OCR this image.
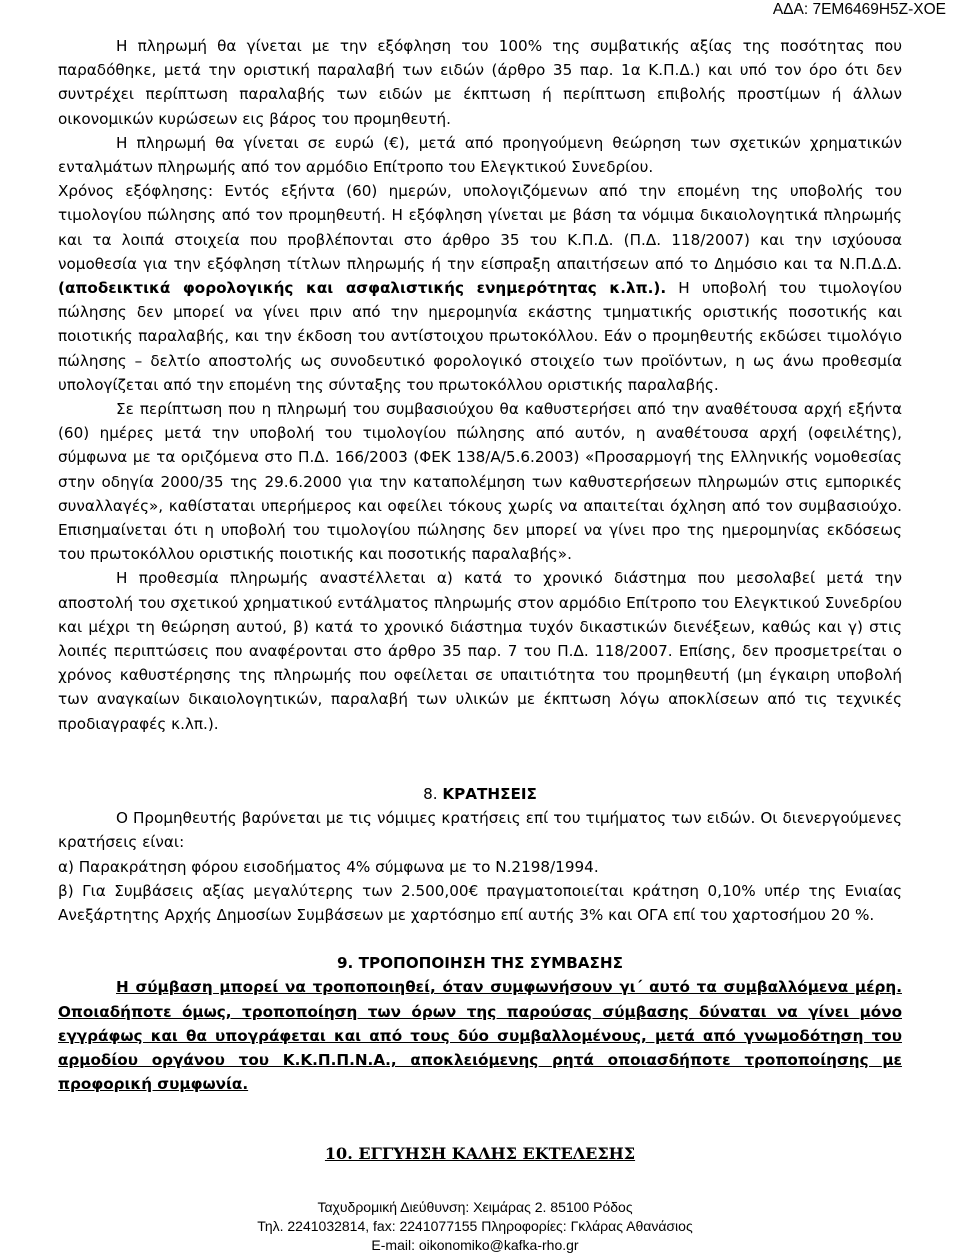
ΑΔΑ: 7ΕΜ6469Η5Ζ-ΧΟΕ

Η πληρωμή θα γίνεται με την εξόφληση του 100% της συμβατικής αξίας της ποσότητας που παραδόθηκε, μετά την οριστική παραλαβή των ειδών (άρθρο 35 παρ. 1α Κ.Π.Δ.) και υπό τον όρο ότι δεν συντρέχει περίπτωση παραλαβής των ειδών με έκπτωση ή περίπτωση επιβολής προστίμων ή άλλων οικονομικών κυρώσεων εις βάρος του προμηθευτή.

Η πληρωμή θα γίνεται σε ευρώ (€), μετά από προηγούμενη θεώρηση των σχετικών χρηματικών ενταλμάτων πληρωμής από τον αρμόδιο Επίτροπο του Ελεγκτικού Συνεδρίου.

Χρόνος εξόφλησης: Εντός εξήντα (60) ημερών, υπολογιζόμενων από την επομένη της υποβολής του τιμολογίου πώλησης από τον προμηθευτή. Η εξόφληση γίνεται με βάση τα νόμιμα δικαιολογητικά πληρωμής και τα λοιπά στοιχεία που προβλέπονται στο άρθρο 35 του Κ.Π.Δ. (Π.Δ. 118/2007) και την ισχύουσα νομοθεσία για την εξόφληση τίτλων πληρωμής ή την είσπραξη απαιτήσεων από το Δημόσιο και τα Ν.Π.Δ.Δ. (αποδεικτικά φορολογικής και ασφαλιστικής ενημερότητας κ.λπ.). Η υποβολή του τιμολογίου πώλησης δεν μπορεί να γίνει πριν από την ημερομηνία εκάστης τμηματικής οριστικής ποσοτικής και ποιοτικής παραλαβής, και την έκδοση του αντίστοιχου πρωτοκόλλου. Εάν ο προμηθευτής εκδώσει τιμολόγιο πώλησης – δελτίο αποστολής ως συνοδευτικό φορολογικό στοιχείο των προϊόντων, η ως άνω προθεσμία υπολογίζεται από την επομένη της σύνταξης του πρωτοκόλλου οριστικής παραλαβής.

Σε περίπτωση που η πληρωμή του συμβασιούχου θα καθυστερήσει από την αναθέτουσα αρχή εξήντα (60) ημέρες μετά την υποβολή του τιμολογίου πώλησης από αυτόν, η αναθέτουσα αρχή (οφειλέτης), σύμφωνα με τα οριζόμενα στο Π.Δ. 166/2003 (ΦΕΚ 138/Α/5.6.2003) «Προσαρμογή της Ελληνικής νομοθεσίας στην οδηγία 2000/35 της 29.6.2000 για την καταπολέμηση των καθυστερήσεων πληρωμών στις εμπορικές συναλλαγές», καθίσταται υπερήμερος και οφείλει τόκους χωρίς να απαιτείται όχληση από τον συμβασιούχο. Επισημαίνεται ότι η υποβολή του τιμολογίου πώλησης δεν μπορεί να γίνει προ της ημερομηνίας εκδόσεως του πρωτοκόλλου οριστικής ποιοτικής και ποσοτικής παραλαβής».

Η προθεσμία πληρωμής αναστέλλεται α) κατά το χρονικό διάστημα που μεσολαβεί μετά την αποστολή του σχετικού χρηματικού εντάλματος πληρωμής στον αρμόδιο Επίτροπο του Ελεγκτικού Συνεδρίου και μέχρι τη θεώρηση αυτού, β) κατά το χρονικό διάστημα τυχόν δικαστικών διενέξεων, καθώς και γ) στις λοιπές περιπτώσεις που αναφέρονται στο άρθρο 35 παρ. 7 του Π.Δ. 118/2007. Επίσης, δεν προσμετρείται ο χρόνος καθυστέρησης της πληρωμής που οφείλεται σε υπαιτιότητα του προμηθευτή (μη έγκαιρη υποβολή των αναγκαίων δικαιολογητικών, παραλαβή των υλικών με έκπτωση λόγω αποκλίσεων από τις τεχνικές προδιαγραφές κ.λπ.).

8. ΚΡΑΤΗΣΕΙΣ

Ο Προμηθευτής βαρύνεται με τις νόμιμες κρατήσεις επί του τιμήματος των ειδών. Οι διενεργούμενες κρατήσεις είναι:

α) Παρακράτηση φόρου εισοδήματος 4% σύμφωνα με το Ν.2198/1994.

β) Για Συμβάσεις αξίας μεγαλύτερης των 2.500,00€ πραγματοποιείται κράτηση 0,10% υπέρ της Ενιαίας Ανεξάρτητης Αρχής Δημοσίων Συμβάσεων με χαρτόσημο επί αυτής 3% και ΟΓΑ επί του χαρτοσήμου 20 %.

9. ΤΡΟΠΟΠΟΙΗΣΗ ΤΗΣ ΣΥΜΒΑΣΗΣ

Η σύμβαση μπορεί να τροποποιηθεί, όταν συμφωνήσουν γι΄ αυτό τα συμβαλλόμενα μέρη. Οποιαδήποτε όμως, τροποποίηση των όρων της παρούσας σύμβασης δύναται να γίνει μόνο εγγράφως και θα υπογράφεται και από τους δύο συμβαλλομένους, μετά από γνωμοδότηση του αρμοδίου οργάνου του Κ.Κ.Π.Π.Ν.Α., αποκλειόμενης ρητά οποιασδήποτε τροποποίησης με προφορική συμφωνία.

10. ΕΓΓΥΗΣΗ ΚΑΛΗΣ ΕΚΤΕΛΕΣΗΣ

Ταχυδρομική Διεύθυνση: Χειμάρας 2. 85100 Ρόδος
Τηλ. 2241032814, fax: 2241077155 Πληροφορίες: Γκλάρας Αθανάσιος
E-mail: oikonomiko@kafka-rho.gr
